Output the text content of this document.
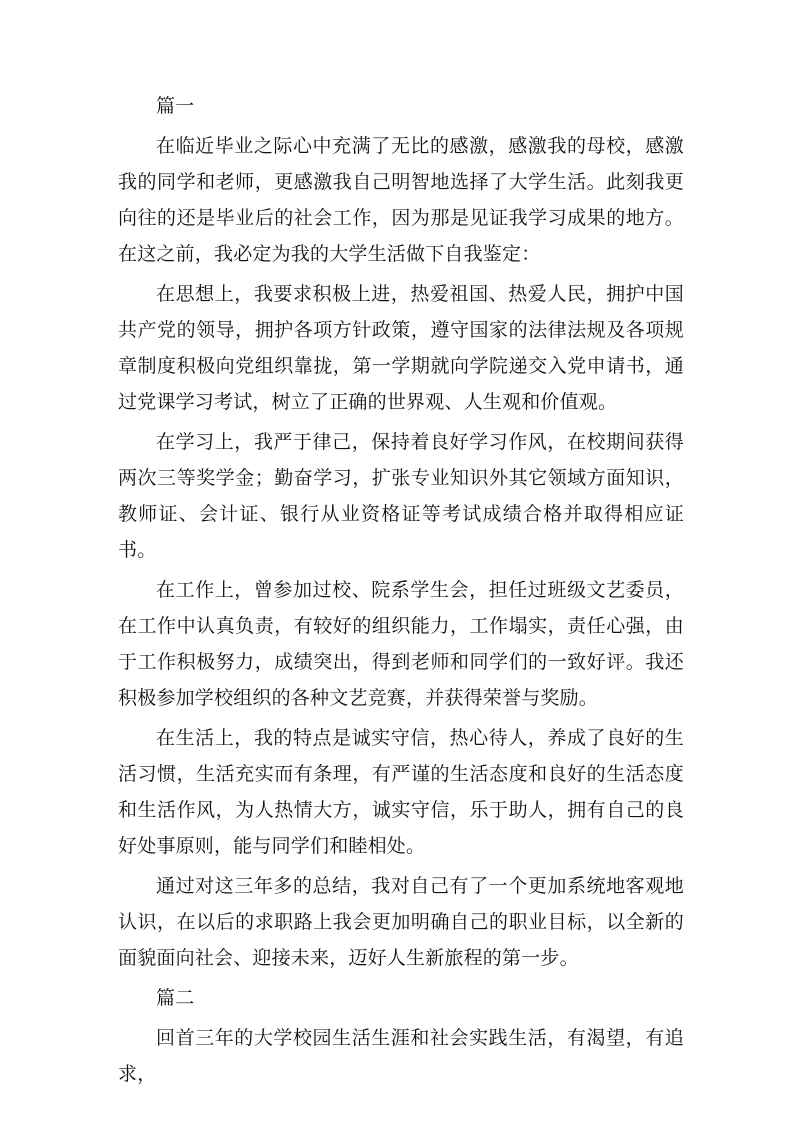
篇一

在临近毕业之际心中充满了无比的感激，感激我的母校，感激我的同学和老师，更感激我自己明智地选择了大学生活。此刻我更向往的还是毕业后的社会工作，因为那是见证我学习成果的地方。在这之前，我必定为我的大学生活做下自我鉴定：

在思想上，我要求积极上进，热爱祖国、热爱人民，拥护中国共产党的领导，拥护各项方针政策，遵守国家的法律法规及各项规章制度积极向党组织靠拢，第一学期就向学院递交入党申请书，通过党课学习考试，树立了正确的世界观、人生观和价值观。

在学习上，我严于律己，保持着良好学习作风，在校期间获得两次三等奖学金；勤奋学习，扩张专业知识外其它领域方面知识，教师证、会计证、银行从业资格证等考试成绩合格并取得相应证书。

在工作上，曾参加过校、院系学生会，担任过班级文艺委员，在工作中认真负责，有较好的组织能力，工作塌实，责任心强，由于工作积极努力，成绩突出，得到老师和同学们的一致好评。我还积极参加学校组织的各种文艺竞赛，并获得荣誉与奖励。

在生活上，我的特点是诚实守信，热心待人，养成了良好的生活习惯，生活充实而有条理，有严谨的生活态度和良好的生活态度和生活作风，为人热情大方，诚实守信，乐于助人，拥有自己的良好处事原则，能与同学们和睦相处。

通过对这三年多的总结，我对自己有了一个更加系统地客观地认识，在以后的求职路上我会更加明确自己的职业目标，以全新的面貌面向社会、迎接未来，迈好人生新旅程的第一步。

篇二

回首三年的大学校园生活生涯和社会实践生活，有渴望，有追求，
